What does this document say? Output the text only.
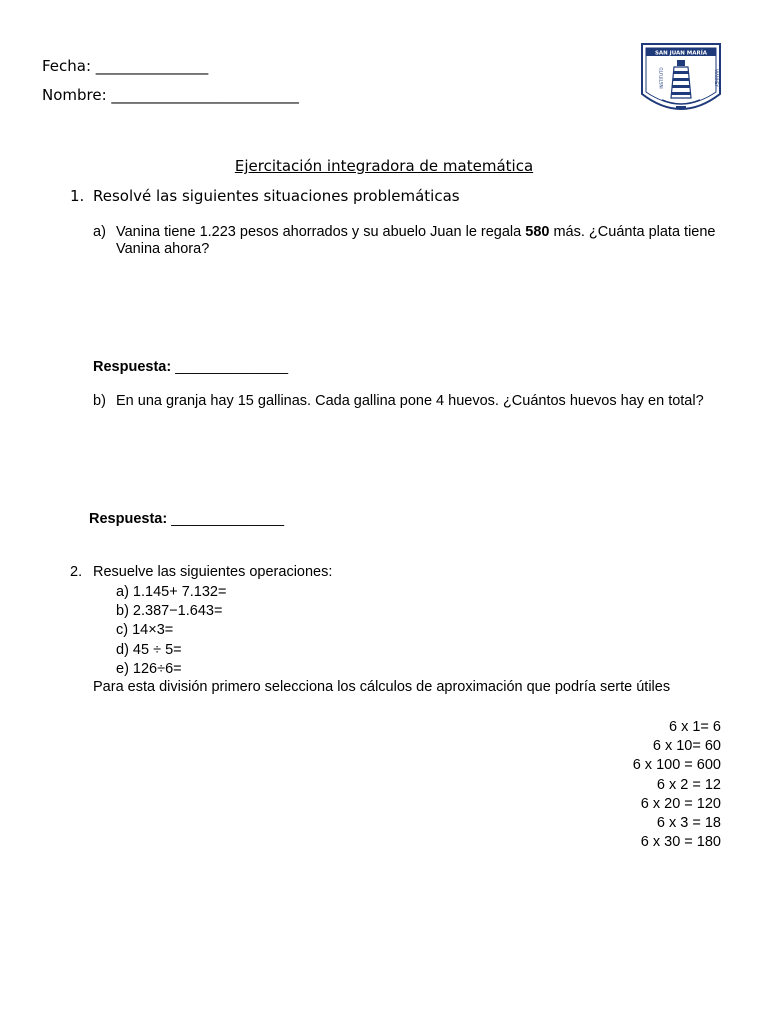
Fecha: _______________
Nombre: _________________________
SAN JUAN MARÍA
INSTITUTO	VIANNEY
Ejercitación integradora de matemática
1. Resolvé las siguientes situaciones problemáticas
a) Vanina tiene 1.223 pesos ahorrados y su abuelo Juan le regala 580 más. ¿Cuánta plata tiene Vanina ahora?
Respuesta: ______________
b) En una granja hay 15 gallinas. Cada gallina pone 4 huevos. ¿Cuántos huevos hay en total?
Respuesta: ______________
2. Resuelve las siguientes operaciones:
a) 1.145+ 7.132=
b) 2.387−1.643=
c) 14×3=
d) 45 ÷ 5=
e) 126÷6=
Para esta división primero selecciona los cálculos de aproximación que podría serte útiles
6 x 1= 6
6 x 10= 60
6 x 100 = 600
6 x 2 = 12
6 x 20 = 120
6 x 3 = 18
6 x 30 = 180
